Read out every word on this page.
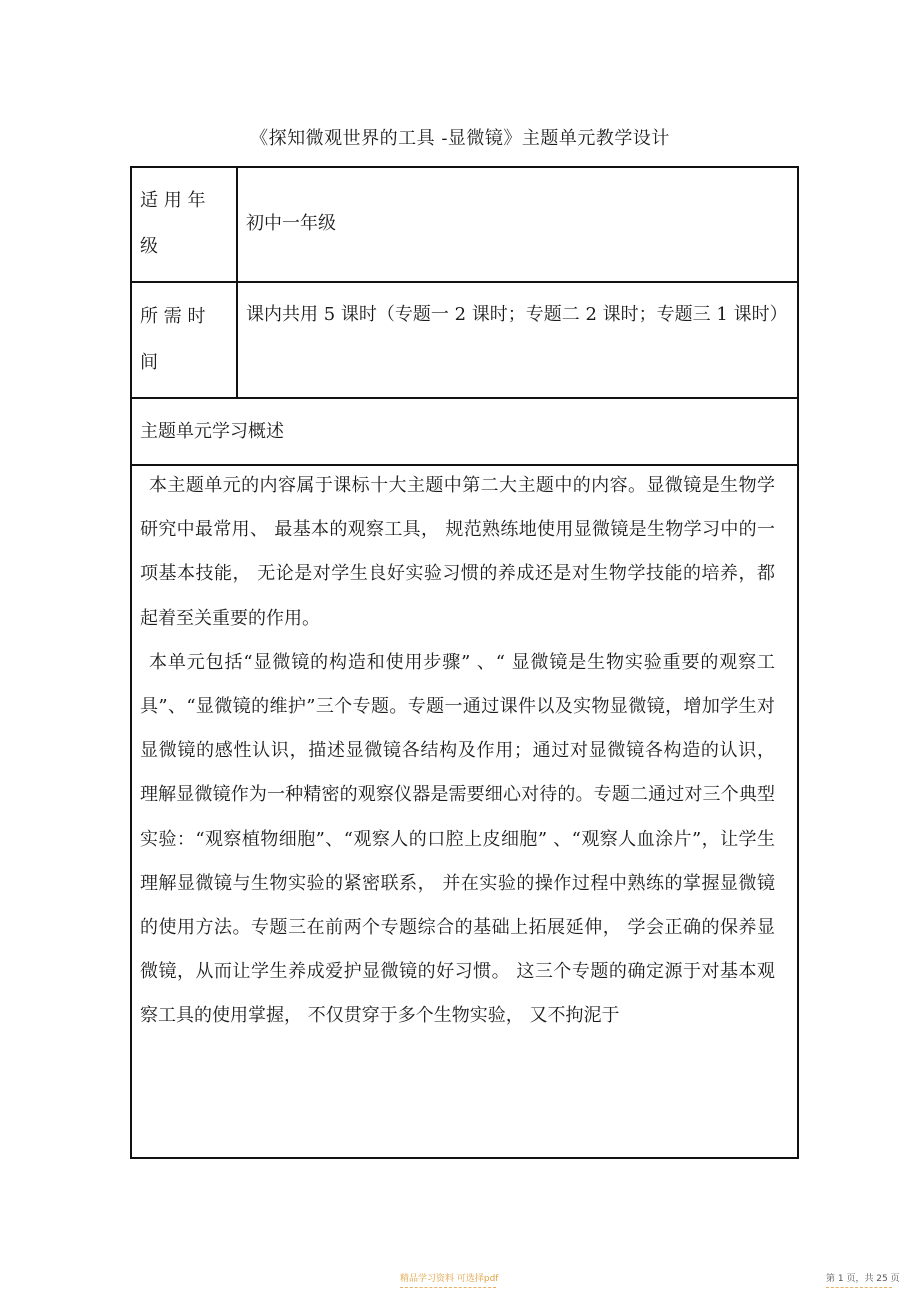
《探知微观世界的工具 -显微镜》主题单元教学设计
适 用 年 级
初中一年级
所 需 时 间
课内共用 5 课时（专题一 2 课时；专题二 2 课时；专题三 1 课时）
主题单元学习概述

本主题单元的内容属于课标十大主题中第二大主题中的内容。显微镜是生物学研究中最常用、 最基本的观察工具， 规范熟练地使用显微镜是生物学习中的一项基本技能， 无论是对学生良好实验习惯的养成还是对生物学技能的培养，都起着至关重要的作用。

本单元包括“显微镜的构造和使用步骤” 、“ 显微镜是生物实验重要的观察工具”、“显微镜的维护”三个专题。专题一通过课件以及实物显微镜，增加学生对显微镜的感性认识，描述显微镜各结构及作用；通过对显微镜各构造的认识， 理解显微镜作为一种精密的观察仪器是需要细心对待的。专题二通过对三个典型实验：“观察植物细胞”、“观察人的口腔上皮细胞” 、“观察人血涂片”，让学生理解显微镜与生物实验的紧密联系， 并在实验的操作过程中熟练的掌握显微镜的使用方法。专题三在前两个专题综合的基础上拓展延伸， 学会正确的保养显微镜，从而让学生养成爱护显微镜的好习惯。 这三个专题的确定源于对基本观察工具的使用掌握， 不仅贯穿于多个生物实验， 又不拘泥于

精品学习资料 可选择pdf	第 1 页，共 25 页
